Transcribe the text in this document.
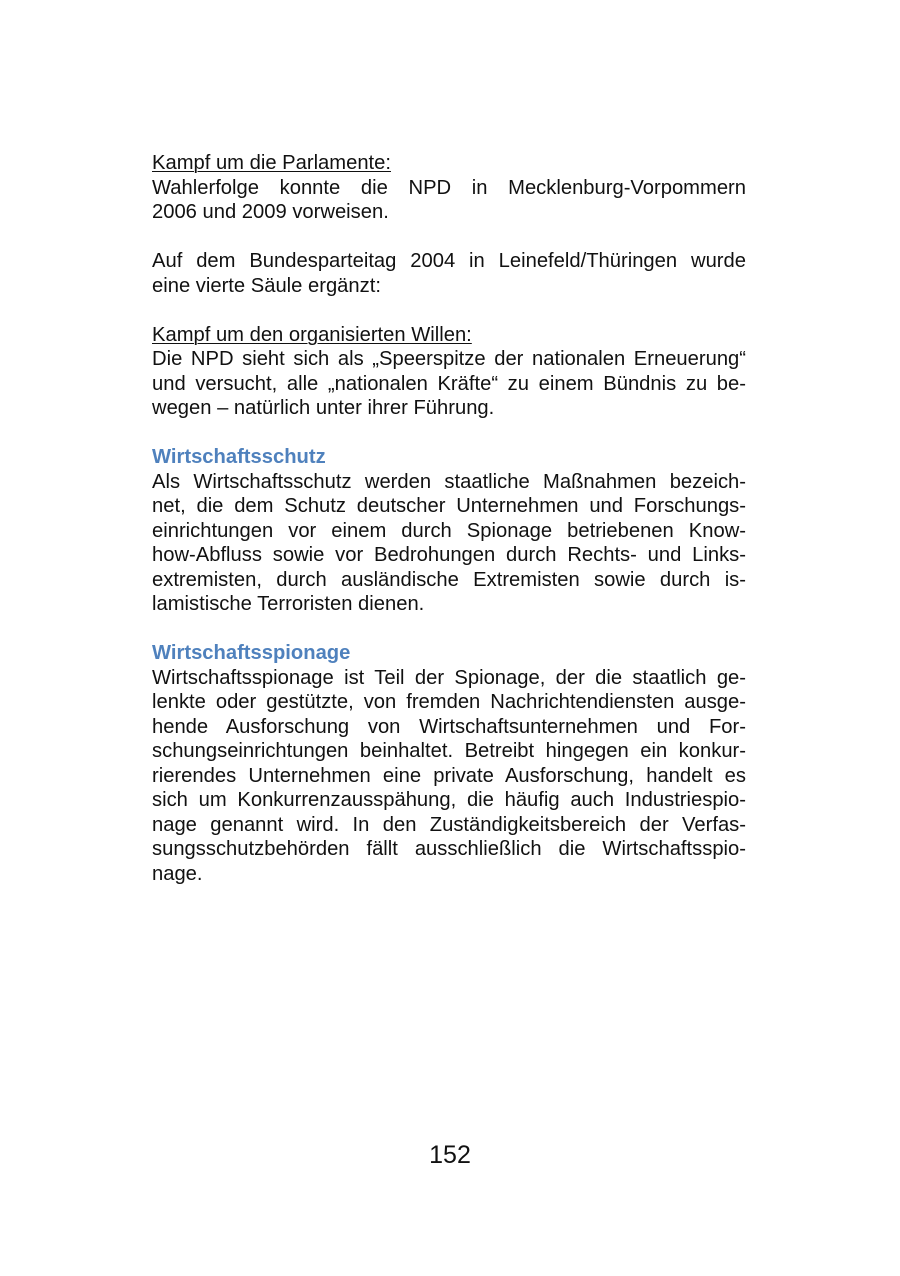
Kampf um die Parlamente:
Wahlerfolge konnte die NPD in Mecklenburg-Vorpommern
2006 und 2009 vorweisen.

Auf dem Bundesparteitag 2004 in Leinefeld/Thüringen wurde
eine vierte Säule ergänzt:

Kampf um den organisierten Willen:
Die NPD sieht sich als „Speerspitze der nationalen Erneuerung“
und versucht, alle „nationalen Kräfte“ zu einem Bündnis zu be-
wegen – natürlich unter ihrer Führung.

Wirtschaftsschutz

Als Wirtschaftsschutz werden staatliche Maßnahmen bezeich-
net, die dem Schutz deutscher Unternehmen und Forschungs-
einrichtungen vor einem durch Spionage betriebenen Know-
how-Abfluss sowie vor Bedrohungen durch Rechts- und Links-
extremisten, durch ausländische Extremisten sowie durch is-
lamistische Terroristen dienen.

Wirtschaftsspionage

Wirtschaftsspionage ist Teil der Spionage, der die staatlich ge-
lenkte oder gestützte, von fremden Nachrichtendiensten ausge-
hende Ausforschung von Wirtschaftsunternehmen und For-
schungseinrichtungen beinhaltet. Betreibt hingegen ein konkur-
rierendes Unternehmen eine private Ausforschung, handelt es
sich um Konkurrenzausspähung, die häufig auch Industriespio-
nage genannt wird. In den Zuständigkeitsbereich der Verfas-
sungsschutzbehörden fällt ausschließlich die Wirtschaftsspio-
nage.

152
